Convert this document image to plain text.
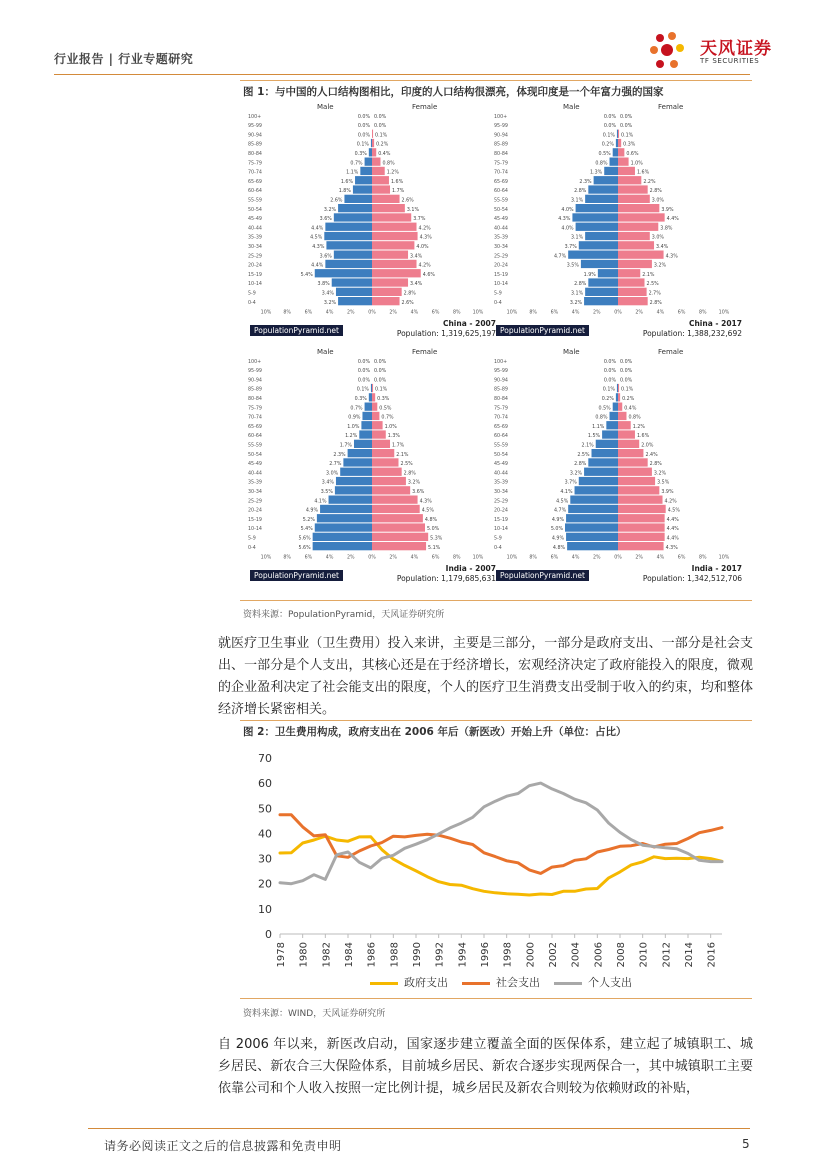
行业报告 | 行业专题研究	天风证券
TF SECURITIES
图 1：与中国的人口结构图相比，印度的人口结构很漂亮，体现印度是一个年富力强的国家
Male	Female
100+	0.0% 0.0%
95-99	0.0% 0.0%
90-94	0.0% 0.1%
85-89	0.1% 0.2%
80-84	0.3% 0.4%
75-79	0.7%	0.8%
70-74	1.1%	1.2%
65-69	1.6%	1.6%
60-64	1.8%	1.7%
55-59	2.6%	2.6%
50-54	3.2%	3.1%
45-49	3.6%	3.7%
40-44	4.4%	4.2%
35-39	4.5%	4.3%
30-34	4.3%	4.0%
25-29	3.6%	3.4%
20-24	4.4%	4.2%
15-19	5.4%	4.6%
10-14	3.8%	3.4%
5-9	3.4%	2.8%
0-4	3.2%	2.6%
10%	8%	6%	4%	2%	0%	2%	4%	6%	8%	10%
PopulationPyramid.net
China - 2007
Population: 1,319,625,197
Male	Female
100+	0.0% 0.0%
95-99	0.0% 0.0%
90-94	0.1% 0.1%
85-89	0.2% 0.3%
80-84	0.5%	0.6%
75-79	0.8%	1.0%
70-74	1.3%	1.6%
65-69	2.3%	2.2%
60-64	2.8%	2.8%
55-59	3.1%	3.0%
50-54	4.0%	3.9%
45-49	4.3%	4.4%
40-44	4.0%	3.8%
35-39	3.1%	3.0%
30-34	3.7%	3.4%
25-29	4.7%	4.3%
20-24	3.5%	3.2%
15-19	1.9%	2.1%
10-14	2.8%	2.5%
5-9	3.1%	2.7%
0-4	3.2%	2.8%
10%	8%	6%	4%	2%	0%	2%	4%	6%	8%	10%
PopulationPyramid.net
China - 2017
Population: 1,388,232,692
Male	Female
100+	0.0% 0.0%
95-99	0.0% 0.0%
90-94	0.0% 0.0%
85-89	0.1% 0.1%
80-84	0.3% 0.3%
75-79	0.7%	0.5%
70-74	0.9%	0.7%
65-69	1.0%	1.0%
60-64	1.2%	1.3%
55-59	1.7%	1.7%
50-54	2.3%	2.1%
45-49	2.7%	2.5%
40-44	3.0%	2.8%
35-39	3.4%	3.2%
30-34	3.5%	3.6%
25-29	4.1%	4.3%
20-24	4.9%	4.5%
15-19	5.2%	4.8%
10-14	5.4%	5.0%
5-9	5.6%	5.3%
0-4	5.6%	5.1%
10%	8%	6%	4%	2%	0%	2%	4%	6%	8%	10%
PopulationPyramid.net
India - 2007
Population: 1,179,685,631
Male	Female
100+	0.0% 0.0%
95-99	0.0% 0.0%
90-94	0.0% 0.0%
85-89	0.1% 0.1%
80-84	0.2% 0.2%
75-79	0.5%	0.4%
70-74	0.8%	0.8%
65-69	1.1%	1.2%
60-64	1.5%	1.6%
55-59	2.1%	2.0%
50-54	2.5%	2.4%
45-49	2.8%	2.8%
40-44	3.2%	3.2%
35-39	3.7%	3.5%
30-34	4.1%	3.9%
25-29	4.5%	4.2%
20-24	4.7%	4.5%
15-19	4.9%	4.4%
10-14	5.0%	4.4%
5-9	4.9%	4.4%
0-4	4.8%	4.3%
10%	8%	6%	4%	2%	0%	2%	4%	6%	8%	10%
PopulationPyramid.net
India - 2017
Population: 1,342,512,706
资料来源：PopulationPyramid，天风证券研究所
就医疗卫生事业（卫生费用）投入来讲，主要是三部分，一部分是政府支出、一部分是社会支出、一部分是个人支出，其核心还是在于经济增长，宏观经济决定了政府能投入的限度，微观的企业盈利决定了社会能支出的限度，个人的医疗卫生消费支出受制于收入的约束，均和整体经济增长紧密相关。
图 2：卫生费用构成，政府支出在 2006 年后（新医改）开始上升（单位：占比）
0
10
20
30
40
50
60
70
1978 1980 1982 1984 1986 1988 1990 1992 1994 1996 1998 2000 2002 2004 2006 2008 2010 2012 2014 2016
政府支出	社会支出	个人支出
资料来源：WIND，天风证券研究所
自 2006 年以来，新医改启动，国家逐步建立覆盖全面的医保体系，建立起了城镇职工、城乡居民、新农合三大保险体系，目前城乡居民、新农合逐步实现两保合一，其中城镇职工主要依靠公司和个人收入按照一定比例计提，城乡居民及新农合则较为依赖财政的补贴，
请务必阅读正文之后的信息披露和免责申明	5
